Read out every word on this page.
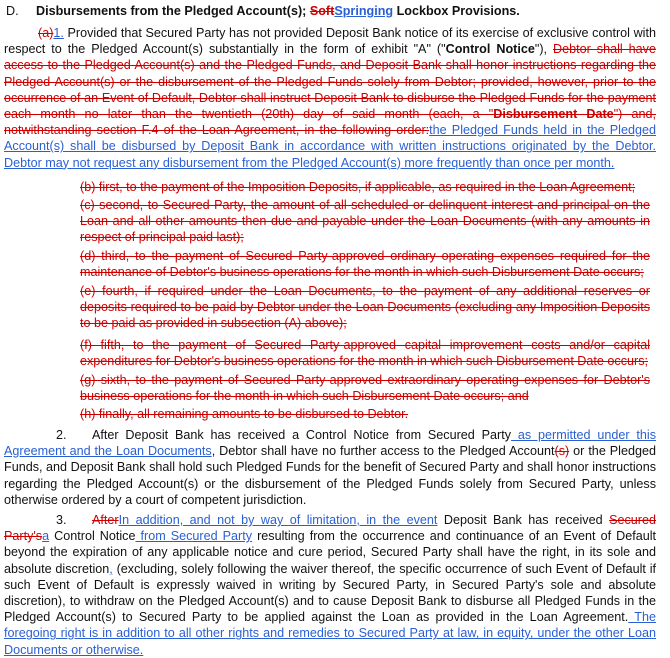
D. Disbursements from the Pledged Account(s); SoftSpringing Lockbox Provisions.
(a)1. Provided that Secured Party has not provided Deposit Bank notice of its exercise of exclusive control with respect to the Pledged Account(s) substantially in the form of exhibit "A" ("Control Notice"), Debtor shall have access to the Pledged Account(s) and the Pledged Funds, and Deposit Bank shall honor instructions regarding the Pledged Account(s) or the disbursement of the Pledged Funds solely from Debtor; provided, however, prior to the occurrence of an Event of Default, Debtor shall instruct Deposit Bank to disburse the Pledged Funds for the payment each month no later than the twentieth (20th) day of said month (each, a "Disbursement Date") and, notwithstanding section F.4 of the Loan Agreement, in the following order:the Pledged Funds held in the Pledged Account(s) shall be disbursed by Deposit Bank in accordance with written instructions originated by the Debtor. Debtor may not request any disbursement from the Pledged Account(s) more frequently than once per month.
(b) first, to the payment of the Imposition Deposits, if applicable, as required in the Loan Agreement;
(c) second, to Secured Party, the amount of all scheduled or delinquent interest and principal on the Loan and all other amounts then due and payable under the Loan Documents (with any amounts in respect of principal paid last);
(d) third, to the payment of Secured Party-approved ordinary operating expenses required for the maintenance of Debtor's business operations for the month in which such Disbursement Date occurs;
(e) fourth, if required under the Loan Documents, to the payment of any additional reserves or deposits required to be paid by Debtor under the Loan Documents (excluding any Imposition Deposits to be paid as provided in subsection (A) above);
(f) fifth, to the payment of Secured Party-approved capital improvement costs and/or capital expenditures for Debtor's business operations for the month in which such Disbursement Date occurs;
(g) sixth, to the payment of Secured Party-approved extraordinary operating expenses for Debtor's business operations for the month in which such Disbursement Date occurs; and
(h) finally, all remaining amounts to be disbursed to Debtor.
2. After Deposit Bank has received a Control Notice from Secured Party as permitted under this Agreement and the Loan Documents, Debtor shall have no further access to the Pledged Account(s) or the Pledged Funds, and Deposit Bank shall hold such Pledged Funds for the benefit of Secured Party and shall honor instructions regarding the Pledged Account(s) or the disbursement of the Pledged Funds solely from Secured Party, unless otherwise ordered by a court of competent jurisdiction.
3. AfterIn addition, and not by way of limitation, in the event Deposit Bank has received Secured Party'sa Control Notice from Secured Party resulting from the occurrence and continuance of an Event of Default beyond the expiration of any applicable notice and cure period, Secured Party shall have the right, in its sole and absolute discretion, (excluding, solely following the waiver thereof, the specific occurrence of such Event of Default if such Event of Default is expressly waived in writing by Secured Party, in Secured Party's sole and absolute discretion), to withdraw on the Pledged Account(s) and to cause Deposit Bank to disburse all Pledged Funds in the Pledged Account(s) to Secured Party to be applied against the Loan as provided in the Loan Agreement. The foregoing right is in addition to all other rights and remedies to Secured Party at law, in equity, under the other Loan Documents or otherwise.
